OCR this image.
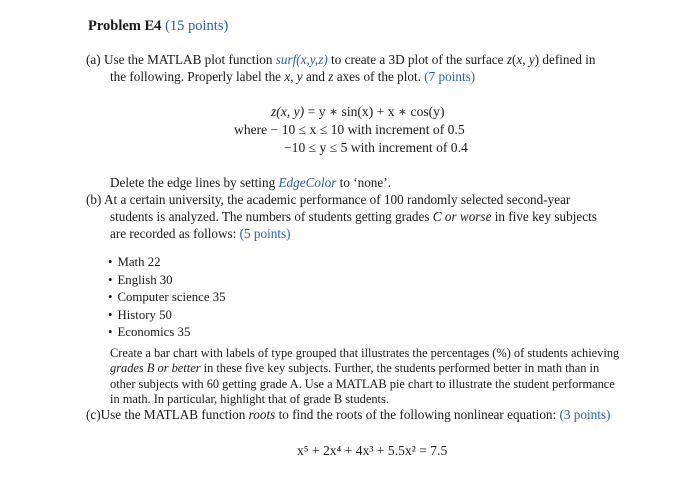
Problem E4 (15 points)
(a) Use the MATLAB plot function surf(x,y,z) to create a 3D plot of the surface z(x, y) defined in
the following. Properly label the x, y and z axes of the plot. (7 points)
z(x, y) = y ∗ sin(x) + x ∗ cos(y)
where − 10 ≤ x ≤ 10 with increment of 0.5
−10 ≤ y ≤ 5 with increment of 0.4
Delete the edge lines by setting EdgeColor to ‘none’.
(b) At a certain university, the academic performance of 100 randomly selected second-year
students is analyzed. The numbers of students getting grades C or worse in five key subjects
are recorded as follows: (5 points)
• Math 22
• English 30
• Computer science 35
• History 50
• Economics 35
Create a bar chart with labels of type grouped that illustrates the percentages (%) of students achieving
grades B or better in these five key subjects. Further, the students performed better in math than in
other subjects with 60 getting grade A. Use a MATLAB pie chart to illustrate the student performance
in math. In particular, highlight that of grade B students.
(c)Use the MATLAB function roots to find the roots of the following nonlinear equation: (3 points)
x⁵ + 2x⁴ + 4x³ + 5.5x² = 7.5
